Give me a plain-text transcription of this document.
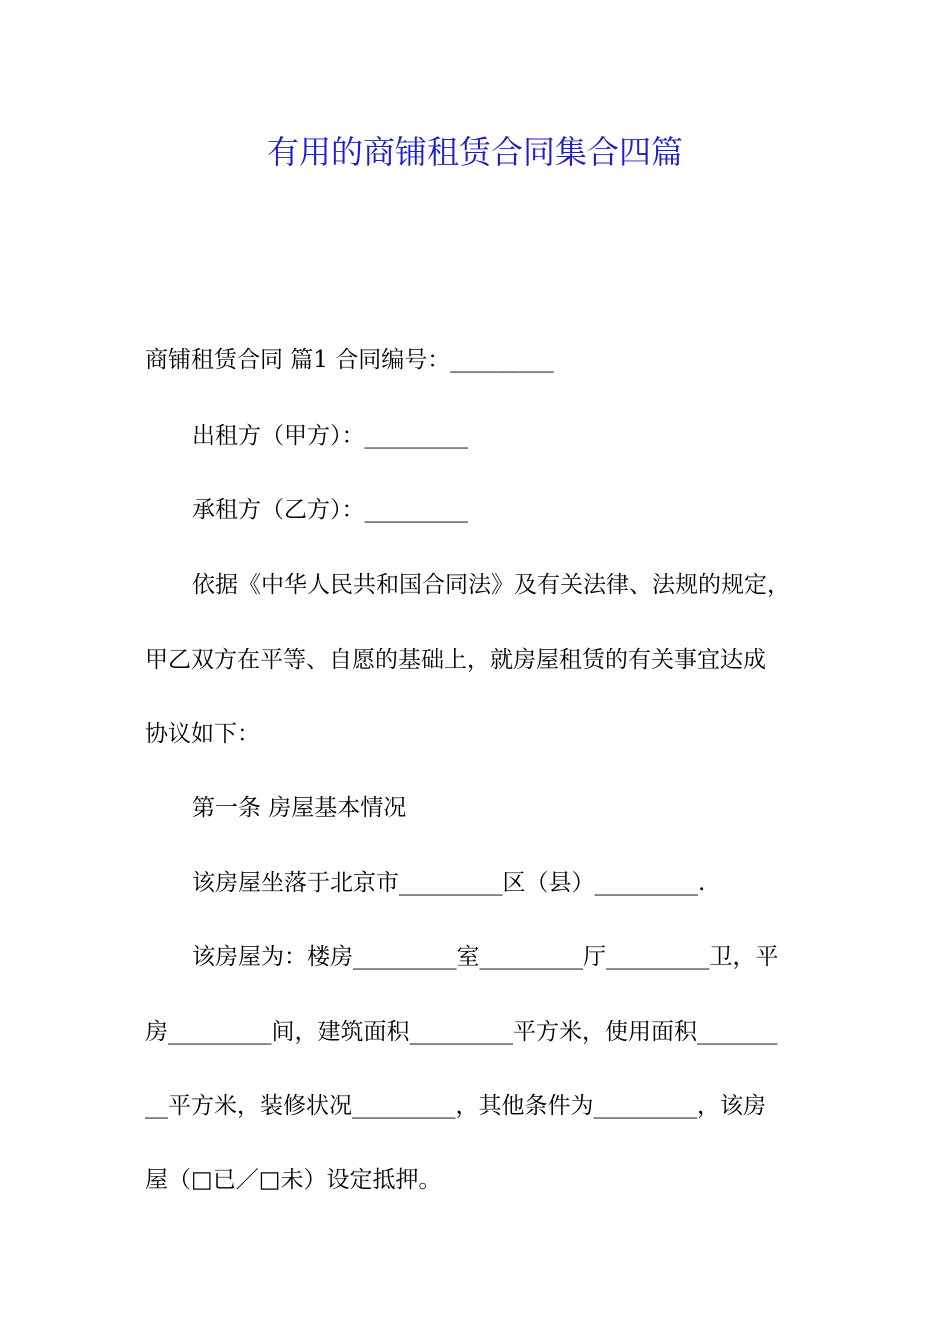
有用的商铺租赁合同集合四篇
商铺租赁合同 篇1 合同编号：_________
出租方（甲方）：_________
承租方（乙方）：_________
依据《中华人民共和国合同法》及有关法律、法规的规定，
甲乙双方在平等、自愿的基础上，就房屋租赁的有关事宜达成
协议如下：
第一条 房屋基本情况
该房屋坐落于北京市_________区（县）_________.
该房屋为：楼房_________室_________厅_________卫，平
房_________间，建筑面积_________平方米，使用面积_______
__平方米，装修状况_________，其他条件为_________，该房
屋（□已／□未）设定抵押。
